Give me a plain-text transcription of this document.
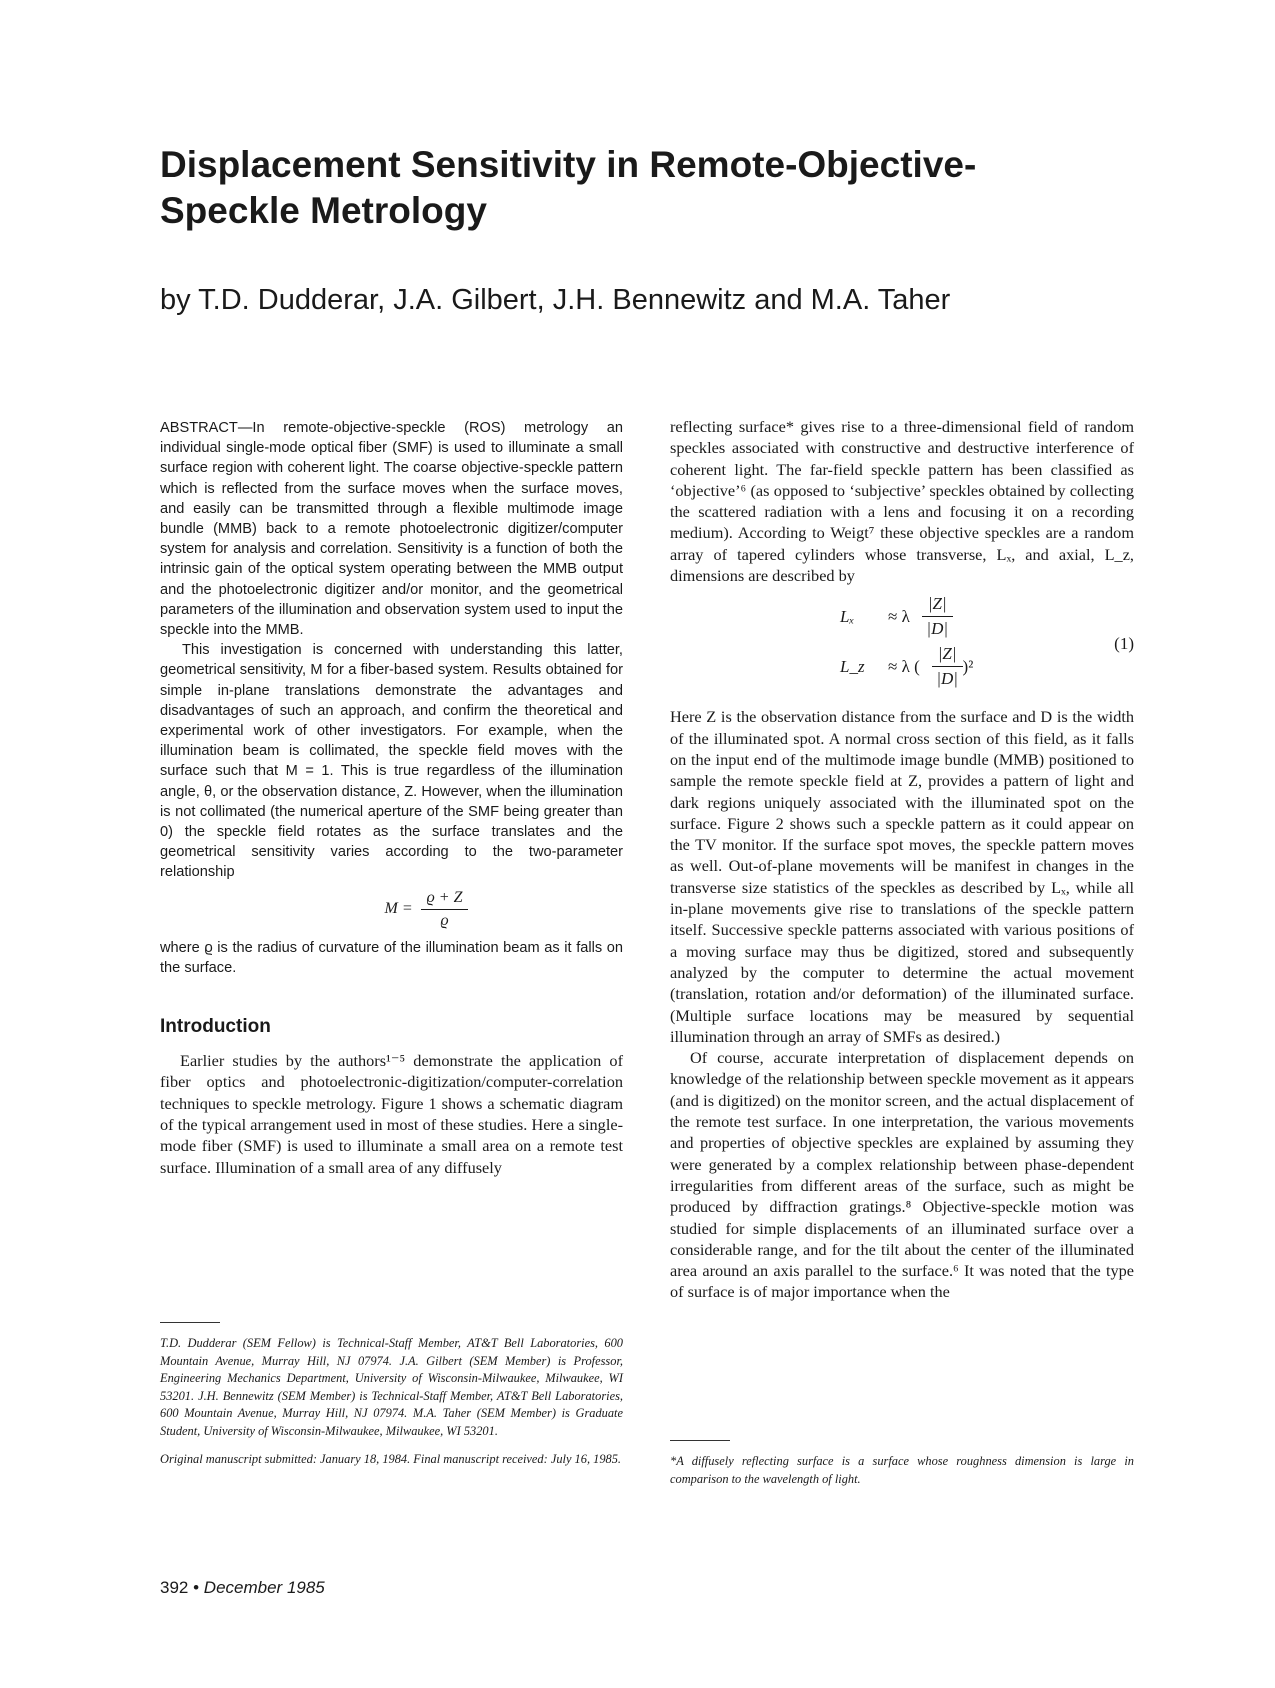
Displacement Sensitivity in Remote-Objective-
Speckle Metrology
by T.D. Dudderar, J.A. Gilbert, J.H. Bennewitz and M.A. Taher

ABSTRACT—In remote-objective-speckle (ROS) metrology an individual single-mode optical fiber (SMF) is used to illuminate a small surface region with coherent light. The coarse objective-speckle pattern which is reflected from the surface moves when the surface moves, and easily can be transmitted through a flexible multimode image bundle (MMB) back to a remote photoelectronic digitizer/computer system for analysis and correlation. Sensitivity is a function of both the intrinsic gain of the optical system operating between the MMB output and the photoelectronic digitizer and/or monitor, and the geometrical parameters of the illumination and observation system used to input the speckle into the MMB.

This investigation is concerned with understanding this latter, geometrical sensitivity, M for a fiber-based system. Results obtained for simple in-plane translations demonstrate the advantages and disadvantages of such an approach, and confirm the theoretical and experimental work of other investigators. For example, when the illumination beam is collimated, the speckle field moves with the surface such that M = 1. This is true regardless of the illumination angle, θ, or the observation distance, Z. However, when the illumination is not collimated (the numerical aperture of the SMF being greater than 0) the speckle field rotates as the surface translates and the geometrical sensitivity varies according to the two-parameter relationship

$M = \frac{ϱ + Z}{ϱ}$

where ϱ is the radius of curvature of the illumination beam as it falls on the surface.

Introduction

Earlier studies by the authors¹⁻⁵ demonstrate the application of fiber optics and photoelectronic-digitization/computer-correlation techniques to speckle metrology. Figure 1 shows a schematic diagram of the typical arrangement used in most of these studies. Here a single-mode fiber (SMF) is used to illuminate a small area on a remote test surface. Illumination of a small area of any diffusely

T.D. Dudderar (SEM Fellow) is Technical-Staff Member, AT&T Bell Laboratories, 600 Mountain Avenue, Murray Hill, NJ 07974. J.A. Gilbert (SEM Member) is Professor, Engineering Mechanics Department, University of Wisconsin-Milwaukee, Milwaukee, WI 53201. J.H. Bennewitz (SEM Member) is Technical-Staff Member, AT&T Bell Laboratories, 600 Mountain Avenue, Murray Hill, NJ 07974. M.A. Taher (SEM Member) is Graduate Student, University of Wisconsin-Milwaukee, Milwaukee, WI 53201.

Original manuscript submitted: January 18, 1984. Final manuscript received: July 16, 1985.

reflecting surface* gives rise to a three-dimensional field of random speckles associated with constructive and destructive interference of coherent light. The far-field speckle pattern has been classified as ‘objective’⁶ (as opposed to ‘subjective’ speckles obtained by collecting the scattered radiation with a lens and focusing it on a recording medium). According to Weigt⁷ these objective speckles are a random array of tapered cylinders whose transverse, Lₓ, and axial, L_z, dimensions are described by

Lₓ	≈ λ $\frac{|Z|}{|D|}$
L_z	≈ λ ( $\frac{|Z|}{|D|} )^2$
(1)

Here Z is the observation distance from the surface and D is the width of the illuminated spot. A normal cross section of this field, as it falls on the input end of the multimode image bundle (MMB) positioned to sample the remote speckle field at Z, provides a pattern of light and dark regions uniquely associated with the illuminated spot on the surface. Figure 2 shows such a speckle pattern as it could appear on the TV monitor. If the surface spot moves, the speckle pattern moves as well. Out-of-plane movements will be manifest in changes in the transverse size statistics of the speckles as described by Lₓ, while all in-plane movements give rise to translations of the speckle pattern itself. Successive speckle patterns associated with various positions of a moving surface may thus be digitized, stored and subsequently analyzed by the computer to determine the actual movement (translation, rotation and/or deformation) of the illuminated surface. (Multiple surface locations may be measured by sequential illumination through an array of SMFs as desired.)

Of course, accurate interpretation of displacement depends on knowledge of the relationship between speckle movement as it appears (and is digitized) on the monitor screen, and the actual displacement of the remote test surface. In one interpretation, the various movements and properties of objective speckles are explained by assuming they were generated by a complex relationship between phase-dependent irregularities from different areas of the surface, such as might be produced by diffraction gratings.⁸ Objective-speckle motion was studied for simple displacements of an illuminated surface over a considerable range, and for the tilt about the center of the illuminated area around an axis parallel to the surface.⁶ It was noted that the type of surface is of major importance when the

*A diffusely reflecting surface is a surface whose roughness dimension is large in comparison to the wavelength of light.

392 • December 1985
